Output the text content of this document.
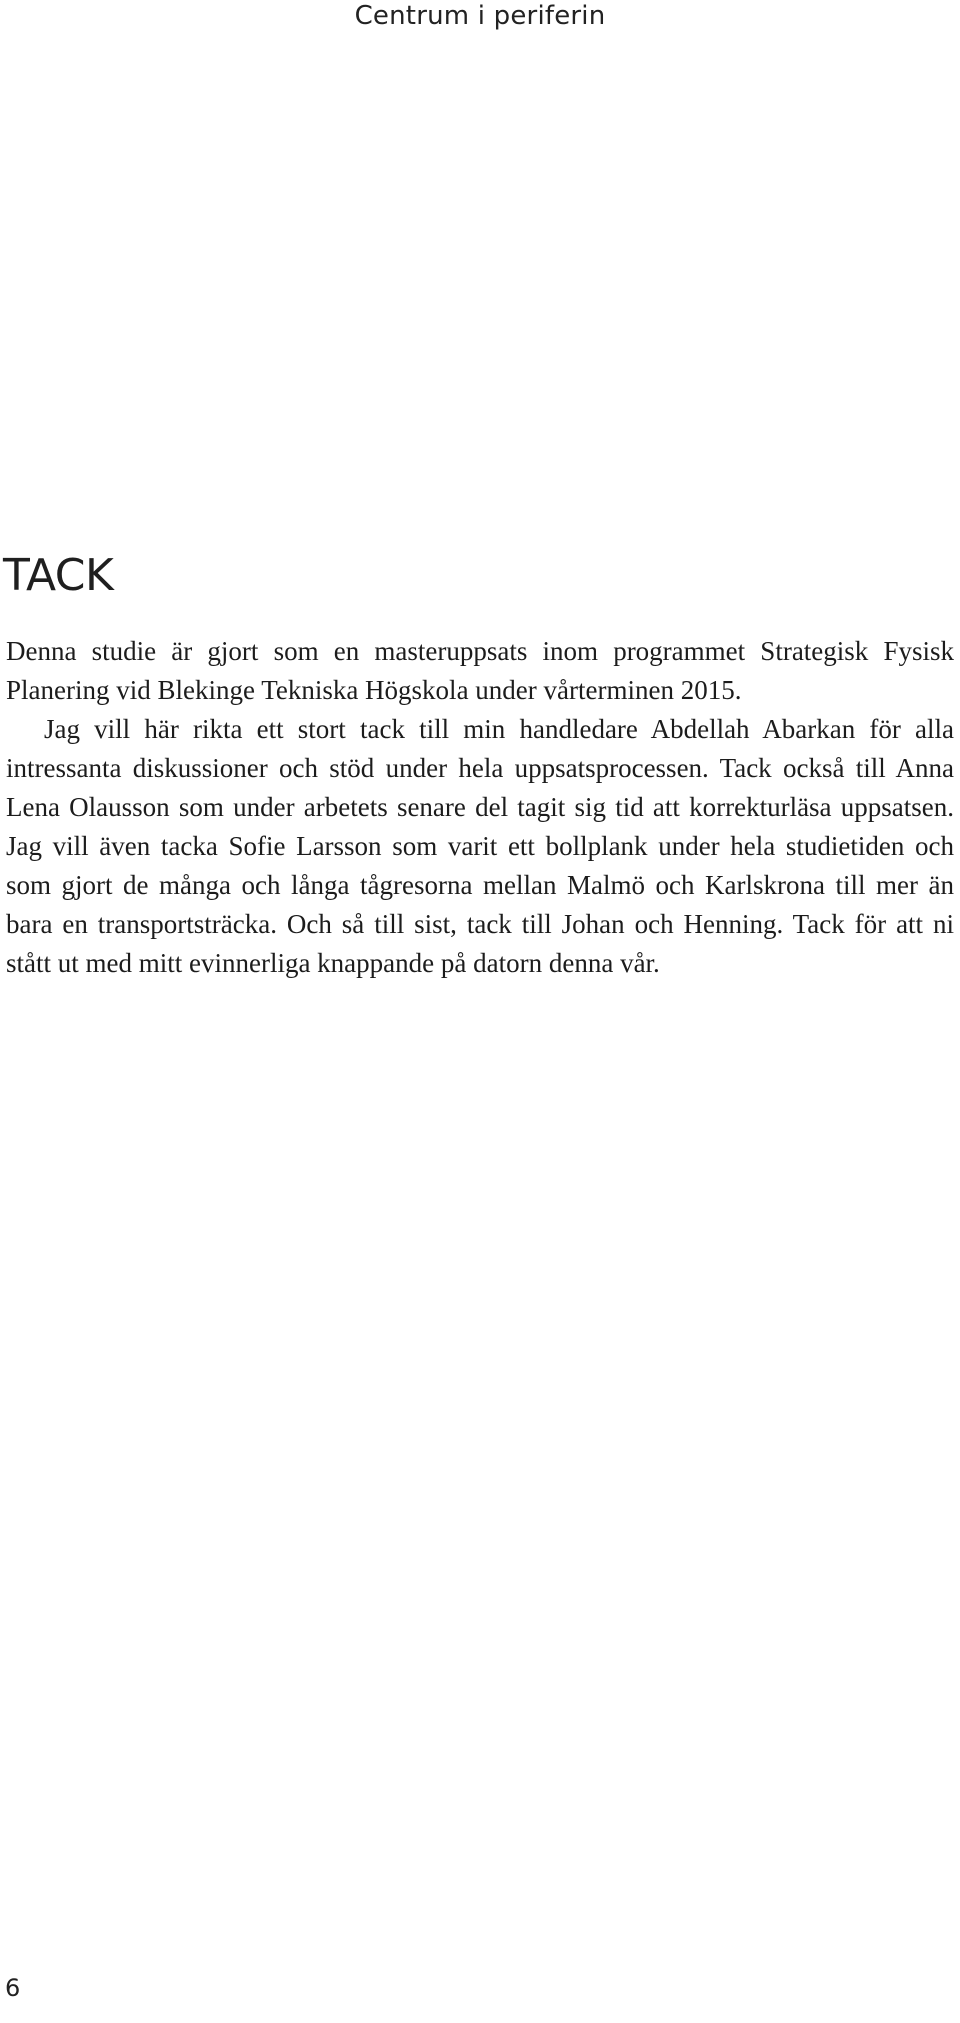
Centrum i periferin
TACK

Denna studie är gjort som en masteruppsats inom programmet Strategisk Fysisk Planering vid Blekinge Tekniska Högskola under vårterminen 2015.

Jag vill här rikta ett stort tack till min handledare Abdellah Abarkan för alla intressanta diskussioner och stöd under hela uppsatsprocessen. Tack också till Anna Lena Olausson som under arbetets senare del tagit sig tid att korrekturläsa uppsatsen. Jag vill även tacka Sofie Larsson som varit ett bollplank under hela studietiden och som gjort de många och långa tågresorna mellan Malmö och Karlskrona till mer än bara en transportsträcka. Och så till sist, tack till Johan och Henning. Tack för att ni stått ut med mitt evinnerliga knappande på datorn denna vår.

6
